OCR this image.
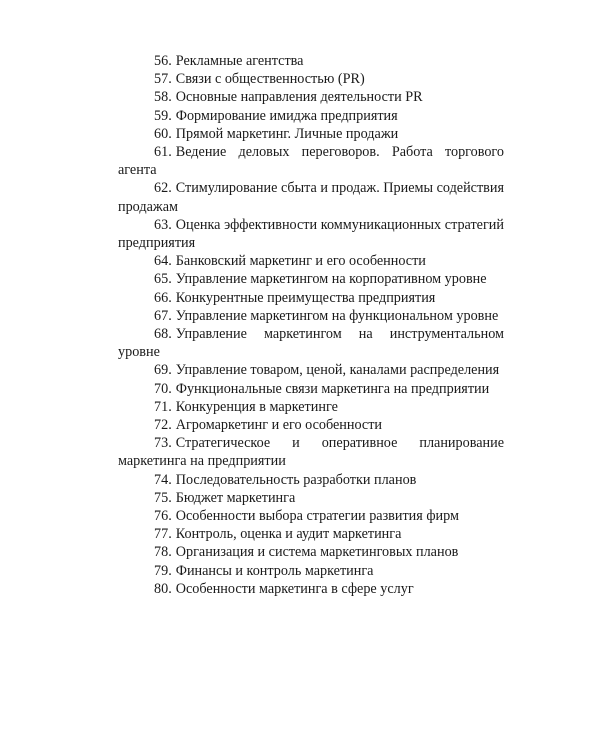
56. Рекламные агентства

57. Связи с общественностью (PR)

58. Основные направления деятельности PR

59. Формирование имиджа предприятия

60. Прямой маркетинг. Личные продажи

61. Ведение деловых переговоров. Работа торгового агента

62. Стимулирование сбыта и продаж. Приемы содействия продажам

63. Оценка эффективности коммуникационных стратегий предприятия

64. Банковский маркетинг и его особенности

65. Управление маркетингом на корпоративном уровне

66. Конкурентные преимущества предприятия

67. Управление маркетингом на функциональном уровне

68. Управление маркетингом на инструментальном уровне

69. Управление товаром, ценой, каналами распределения

70. Функциональные связи маркетинга на предприятии

71. Конкуренция в маркетинге

72. Агромаркетинг и его особенности

73. Стратегическое и оперативное планирование маркетинга на предприятии

74. Последовательность разработки планов

75. Бюджет маркетинга

76. Особенности выбора стратегии развития фирм

77. Контроль, оценка и аудит маркетинга

78. Организация и система маркетинговых планов

79. Финансы и контроль маркетинга

80. Особенности маркетинга в сфере услуг
